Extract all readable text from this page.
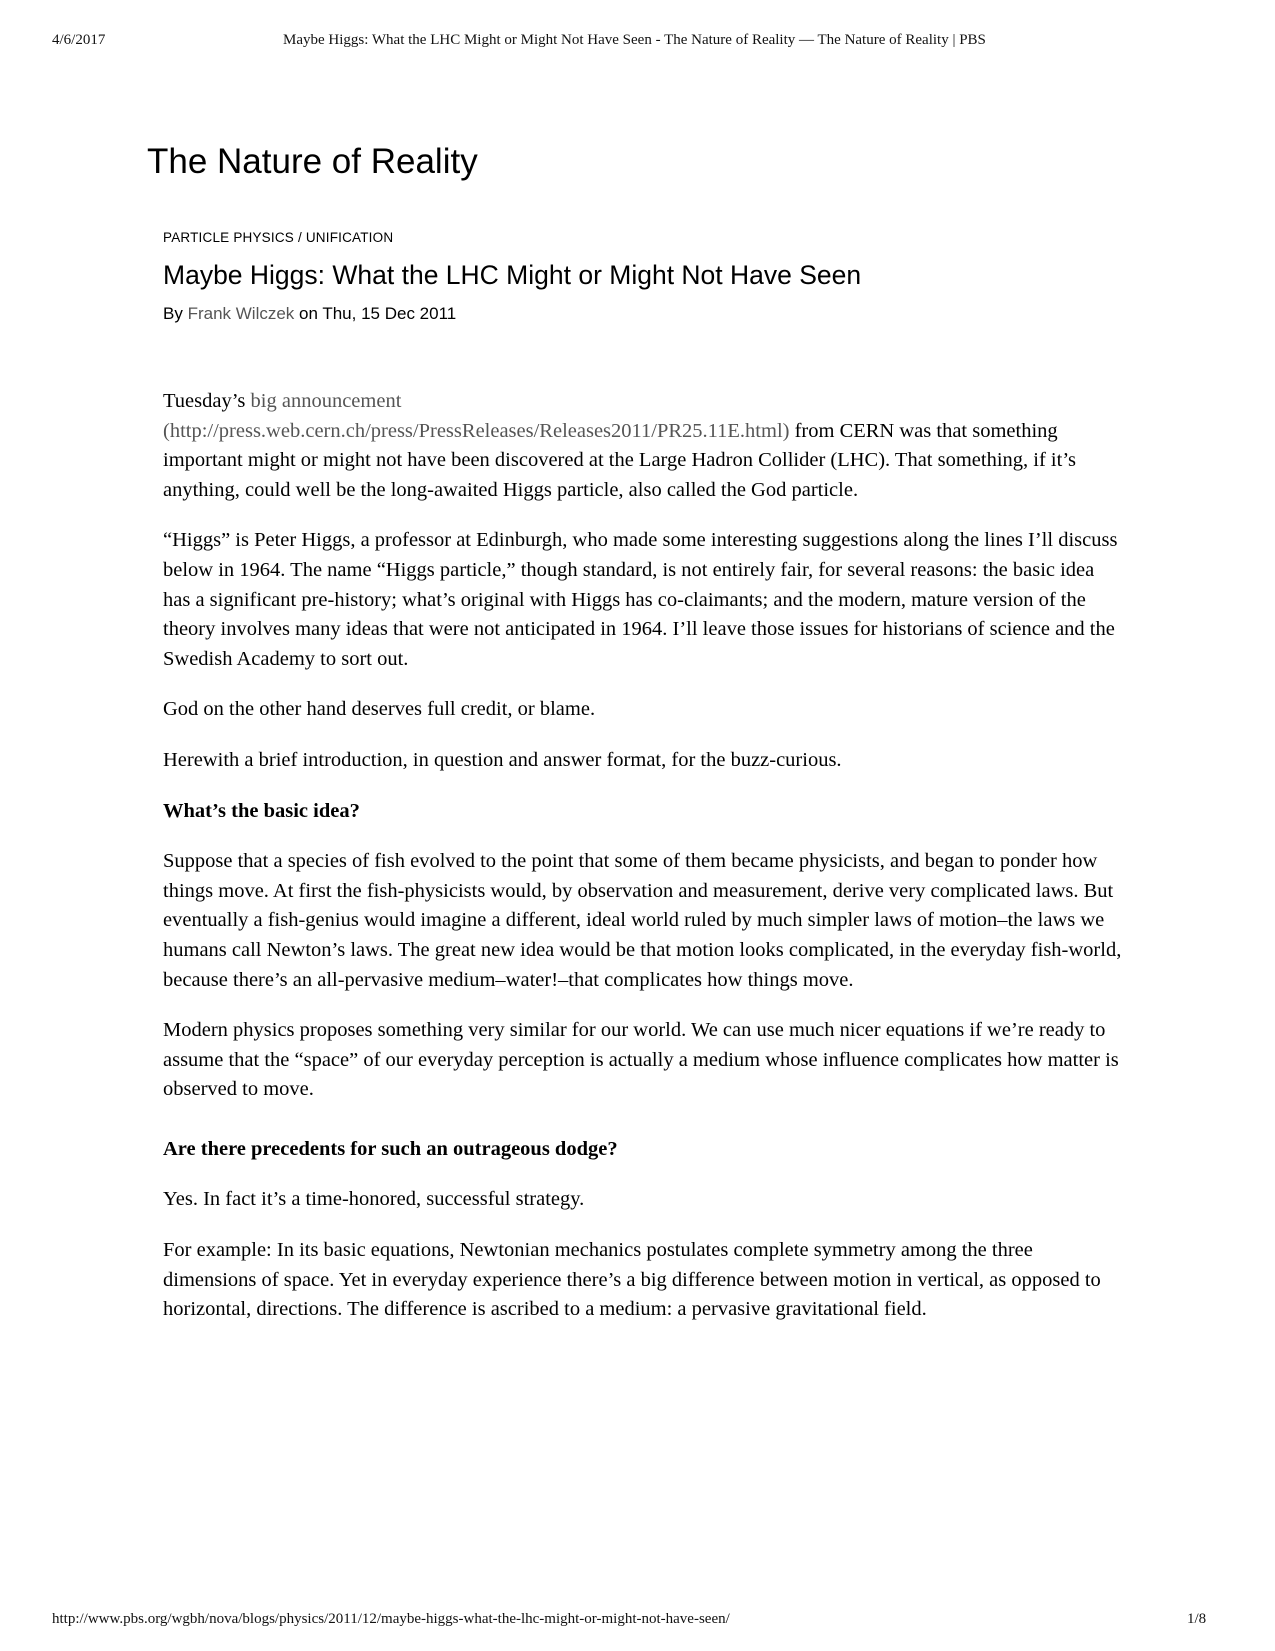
4/6/2017	Maybe Higgs: What the LHC Might or Might Not Have Seen - The Nature of Reality — The Nature of Reality | PBS
The Nature of Reality
PARTICLE PHYSICS / UNIFICATION
Maybe Higgs: What the LHC Might or Might Not Have Seen
By Frank Wilczek on Thu, 15 Dec 2011

Tuesday’s big announcement
(http://press.web.cern.ch/press/PressReleases/Releases2011/PR25.11E.html) from CERN was that something important might or might not have been discovered at the Large Hadron Collider (LHC). That something, if it’s anything, could well be the long-awaited Higgs particle, also called the God particle.

“Higgs” is Peter Higgs, a professor at Edinburgh, who made some interesting suggestions along the lines I’ll discuss below in 1964. The name “Higgs particle,” though standard, is not entirely fair, for several reasons: the basic idea has a significant pre-history; what’s original with Higgs has co-claimants; and the modern, mature version of the theory involves many ideas that were not anticipated in 1964. I’ll leave those issues for historians of science and the Swedish Academy to sort out.

God on the other hand deserves full credit, or blame.

Herewith a brief introduction, in question and answer format, for the buzz-curious.

What’s the basic idea?

Suppose that a species of fish evolved to the point that some of them became physicists, and began to ponder how things move. At first the fish-physicists would, by observation and measurement, derive very complicated laws. But eventually a fish-genius would imagine a different, ideal world ruled by much simpler laws of motion–the laws we humans call Newton’s laws. The great new idea would be that motion looks complicated, in the everyday fish-world, because there’s an all-pervasive medium–water!–that complicates how things move.

Modern physics proposes something very similar for our world. We can use much nicer equations if we’re ready to assume that the “space” of our everyday perception is actually a medium whose influence complicates how matter is observed to move.

Are there precedents for such an outrageous dodge?

Yes. In fact it’s a time-honored, successful strategy.

For example: In its basic equations, Newtonian mechanics postulates complete symmetry among the three dimensions of space. Yet in everyday experience there’s a big difference between motion in vertical, as opposed to horizontal, directions. The difference is ascribed to a medium: a pervasive gravitational field.

http://www.pbs.org/wgbh/nova/blogs/physics/2011/12/maybe-higgs-what-the-lhc-might-or-might-not-have-seen/	1/8
